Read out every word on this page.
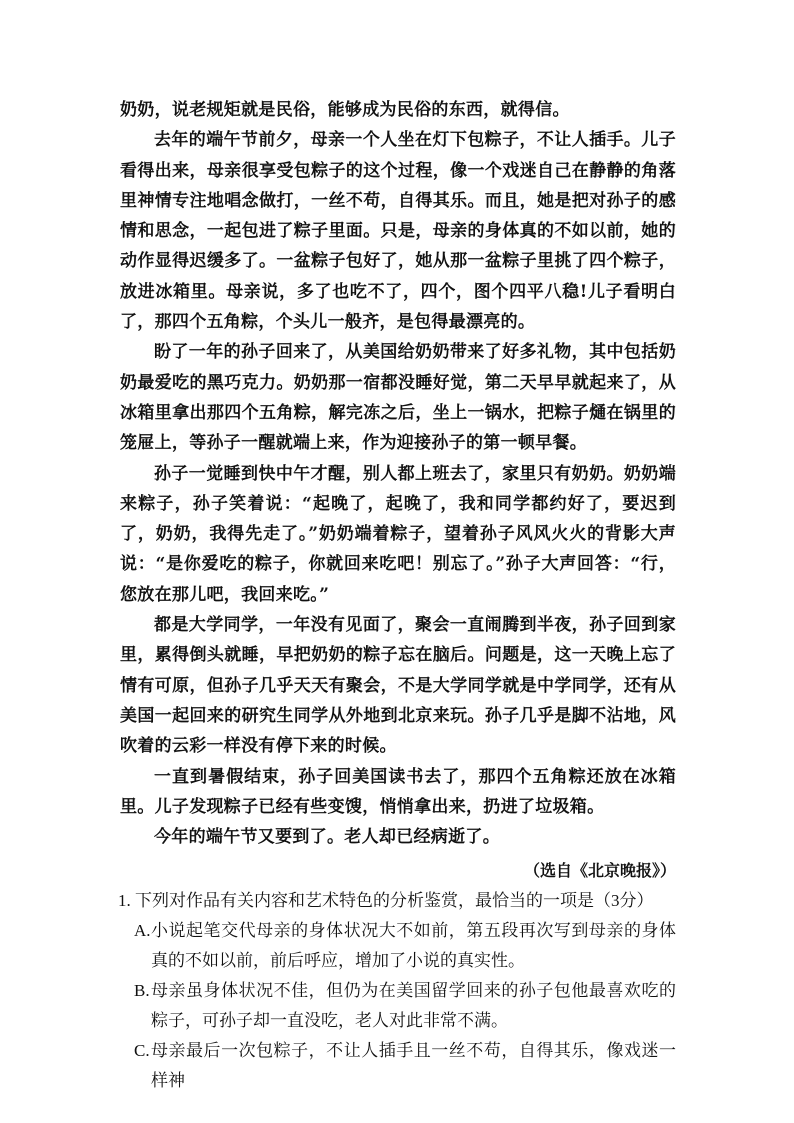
奶奶，说老规矩就是民俗，能够成为民俗的东西，就得信。

去年的端午节前夕，母亲一个人坐在灯下包粽子，不让人插手。儿子看得出来，母亲很享受包粽子的这个过程，像一个戏迷自己在静静的角落里神情专注地唱念做打，一丝不苟，自得其乐。而且，她是把对孙子的感情和思念，一起包进了粽子里面。只是，母亲的身体真的不如以前，她的动作显得迟缓多了。一盆粽子包好了，她从那一盆粽子里挑了四个粽子，放进冰箱里。母亲说，多了也吃不了，四个，图个四平八稳!儿子看明白了，那四个五角粽，个头儿一般齐，是包得最漂亮的。

盼了一年的孙子回来了，从美国给奶奶带来了好多礼物，其中包括奶奶最爱吃的黑巧克力。奶奶那一宿都没睡好觉，第二天早早就起来了，从冰箱里拿出那四个五角粽，解完冻之后，坐上一锅水，把粽子熥在锅里的笼屉上，等孙子一醒就端上来，作为迎接孙子的第一顿早餐。

孙子一觉睡到快中午才醒，别人都上班去了，家里只有奶奶。奶奶端来粽子，孙子笑着说：“起晚了，起晚了，我和同学都约好了，要迟到了，奶奶，我得先走了。”奶奶端着粽子，望着孙子风风火火的背影大声说：“是你爱吃的粽子，你就回来吃吧！别忘了。”孙子大声回答：“行，您放在那儿吧，我回来吃。”

都是大学同学，一年没有见面了，聚会一直闹腾到半夜，孙子回到家里，累得倒头就睡，早把奶奶的粽子忘在脑后。问题是，这一天晚上忘了情有可原，但孙子几乎天天有聚会，不是大学同学就是中学同学，还有从美国一起回来的研究生同学从外地到北京来玩。孙子几乎是脚不沾地，风吹着的云彩一样没有停下来的时候。

一直到暑假结束，孙子回美国读书去了，那四个五角粽还放在冰箱里。儿子发现粽子已经有些变馊，悄悄拿出来，扔进了垃圾箱。

今年的端午节又要到了。老人却已经病逝了。

（选自《北京晚报》）

1. 下列对作品有关内容和艺术特色的分析鉴赏，最恰当的一项是（3分）

A. 小说起笔交代母亲的身体状况大不如前，第五段再次写到母亲的身体真的不如以前，前后呼应，增加了小说的真实性。
B. 母亲虽身体状况不佳，但仍为在美国留学回来的孙子包他最喜欢吃的粽子，可孙子却一直没吃，老人对此非常不满。
C. 母亲最后一次包粽子，不让人插手且一丝不苟，自得其乐，像戏迷一样神
